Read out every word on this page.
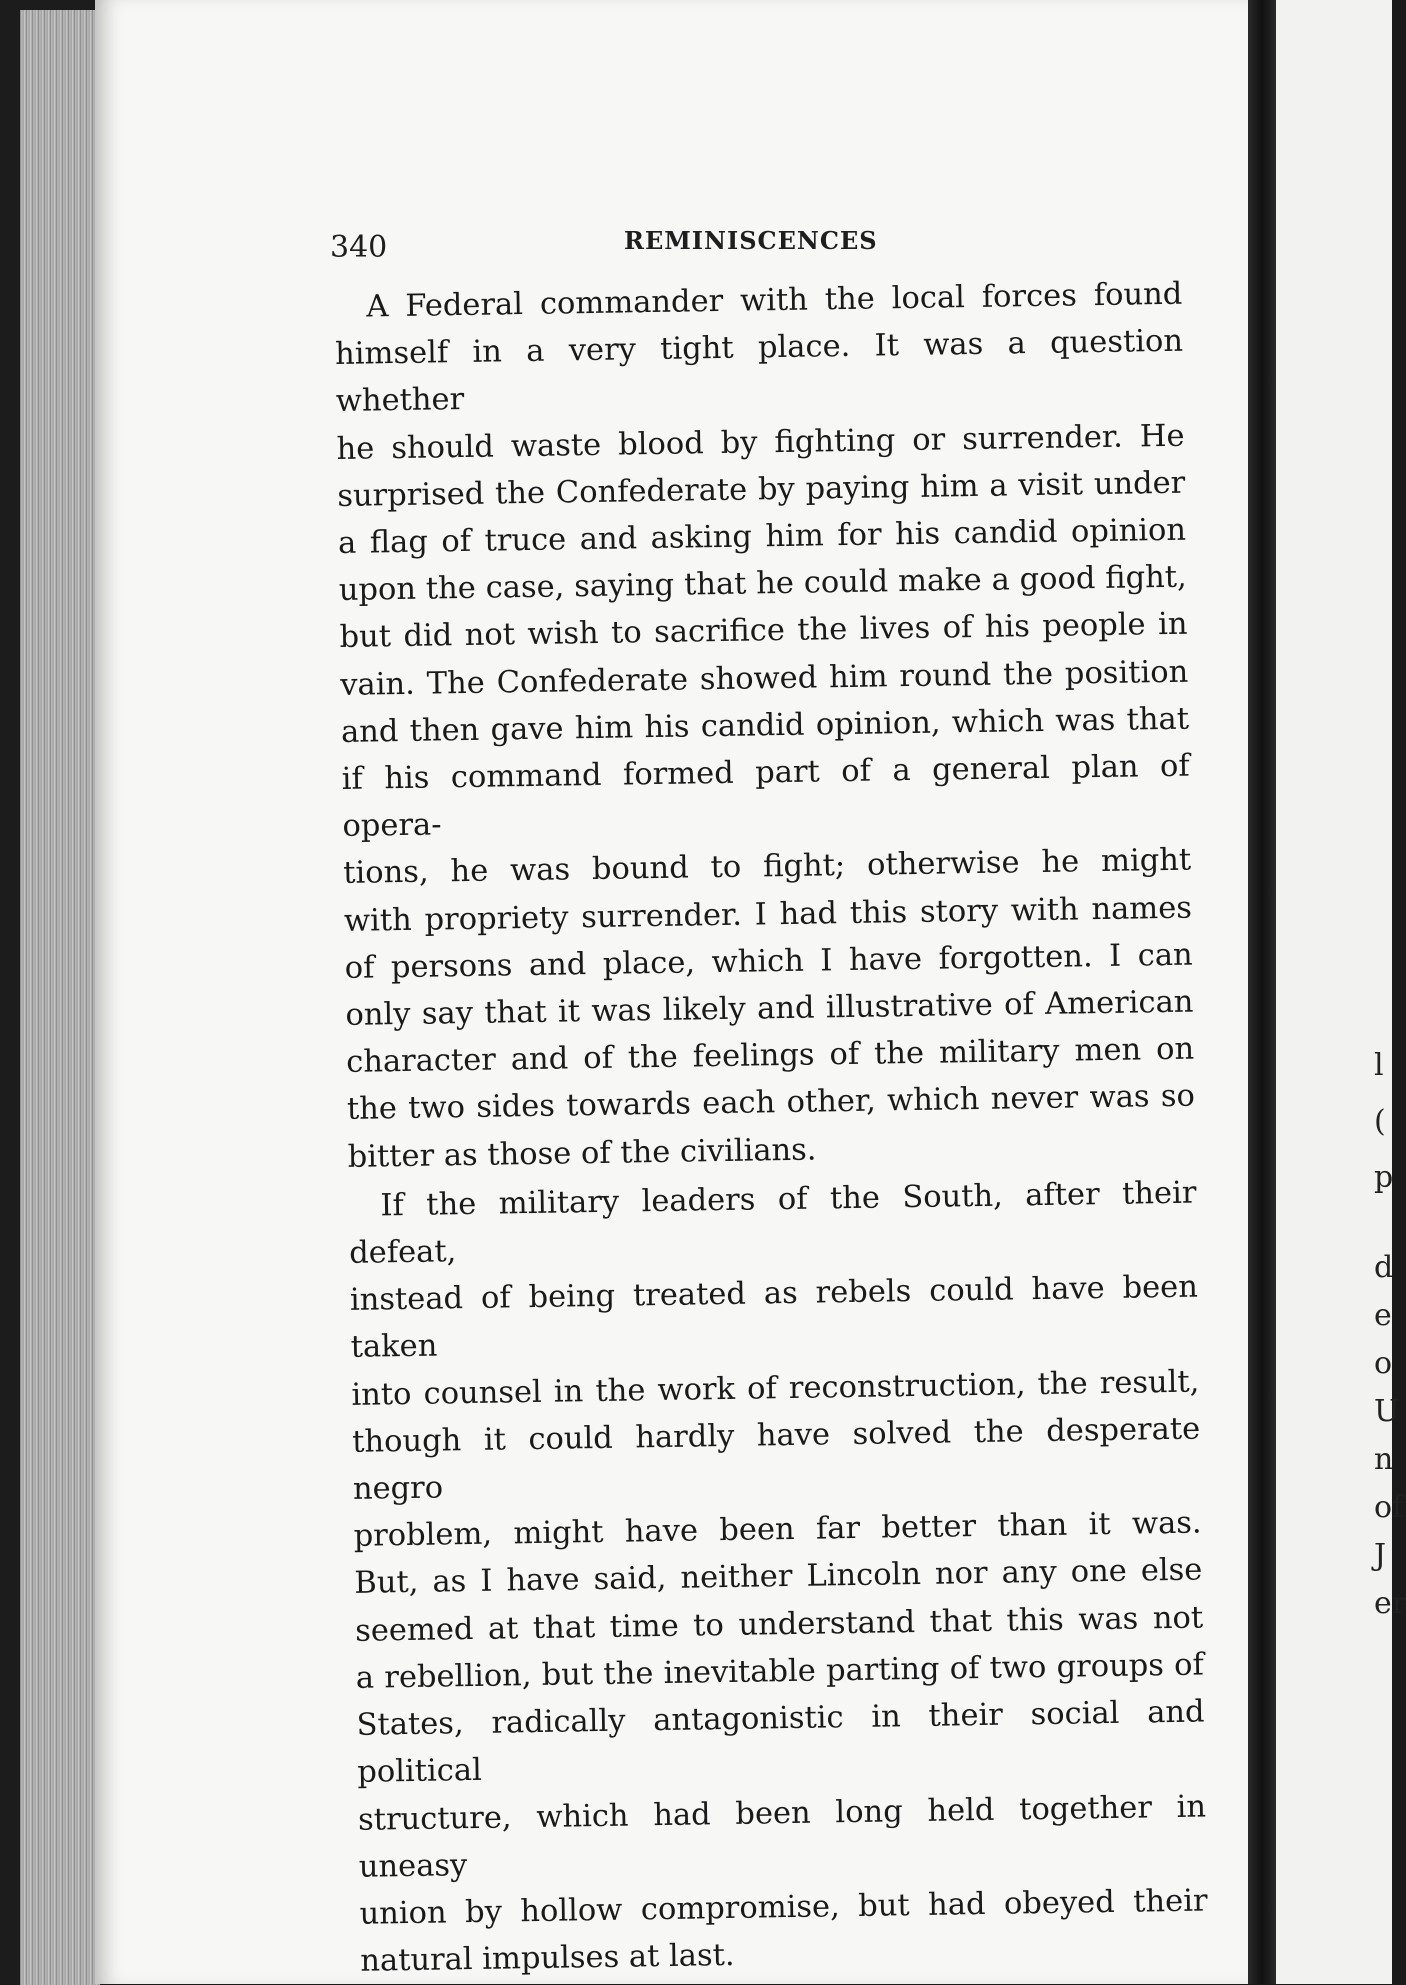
340	REMINISCENCES

A Federal commander with the local forces found
himself in a very tight place. It was a question whether
he should waste blood by fighting or surrender. He
surprised the Confederate by paying him a visit under
a flag of truce and asking him for his candid opinion
upon the case, saying that he could make a good fight,
but did not wish to sacrifice the lives of his people in
vain. The Confederate showed him round the position
and then gave him his candid opinion, which was that
if his command formed part of a general plan of opera-
tions, he was bound to fight; otherwise he might
with propriety surrender. I had this story with names
of persons and place, which I have forgotten. I can
only say that it was likely and illustrative of American
character and of the feelings of the military men on
the two sides towards each other, which never was so
bitter as those of the civilians.

If the military leaders of the South, after their defeat,
instead of being treated as rebels could have been taken
into counsel in the work of reconstruction, the result,
though it could hardly have solved the desperate negro
problem, might have been far better than it was.
But, as I have said, neither Lincoln nor any one else
seemed at that time to understand that this was not
a rebellion, but the inevitable parting of two groups of
States, radically antagonistic in their social and political
structure, which had been long held together in uneasy
union by hollow compromise, but had obeyed their
natural impulses at last.

l
(
p
d
e
o
U
n
of
J
er
